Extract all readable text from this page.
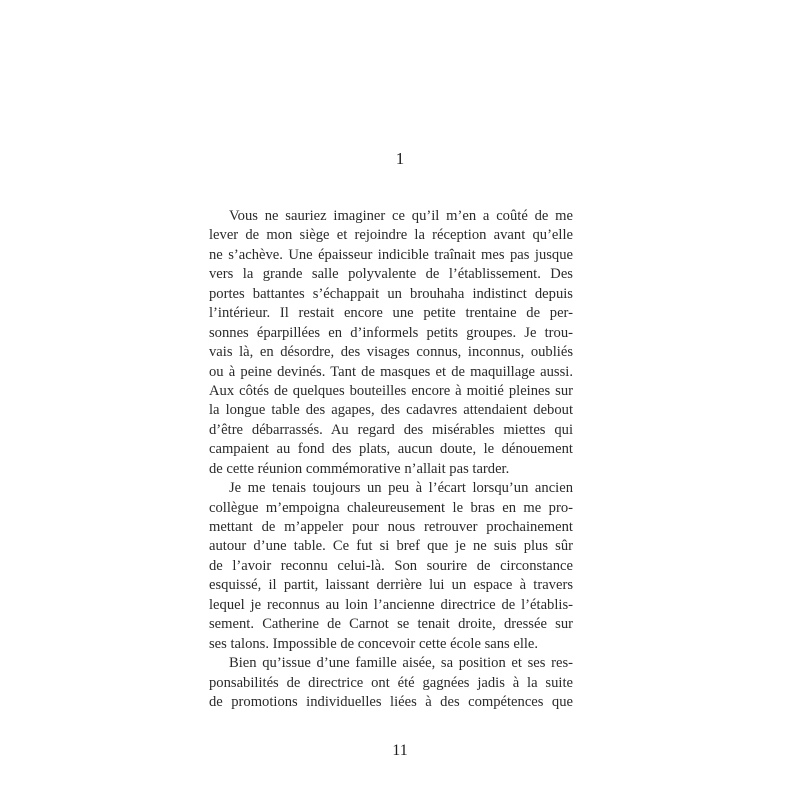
1
Vous ne sauriez imaginer ce qu’il m’en a coûté de me
lever de mon siège et rejoindre la réception avant qu’elle
ne s’achève. Une épaisseur indicible traînait mes pas jusque
vers la grande salle polyvalente de l’établissement. Des
portes battantes s’échappait un brouhaha indistinct depuis
l’intérieur. Il restait encore une petite trentaine de per-
sonnes éparpillées en d’informels petits groupes. Je trou-
vais là, en désordre, des visages connus, inconnus, oubliés
ou à peine devinés. Tant de masques et de maquillage aussi.
Aux côtés de quelques bouteilles encore à moitié pleines sur
la longue table des agapes, des cadavres attendaient debout
d’être débarrassés. Au regard des misérables miettes qui
campaient au fond des plats, aucun doute, le dénouement
de cette réunion commémorative n’allait pas tarder.
Je me tenais toujours un peu à l’écart lorsqu’un ancien
collègue m’empoigna chaleureusement le bras en me pro-
mettant de m’appeler pour nous retrouver prochainement
autour d’une table. Ce fut si bref que je ne suis plus sûr
de l’avoir reconnu celui-là. Son sourire de circonstance
esquissé, il partit, laissant derrière lui un espace à travers
lequel je reconnus au loin l’ancienne directrice de l’établis-
sement. Catherine de Carnot se tenait droite, dressée sur
ses talons. Impossible de concevoir cette école sans elle.
Bien qu’issue d’une famille aisée, sa position et ses res-
ponsabilités de directrice ont été gagnées jadis à la suite
de promotions individuelles liées à des compétences que
11
